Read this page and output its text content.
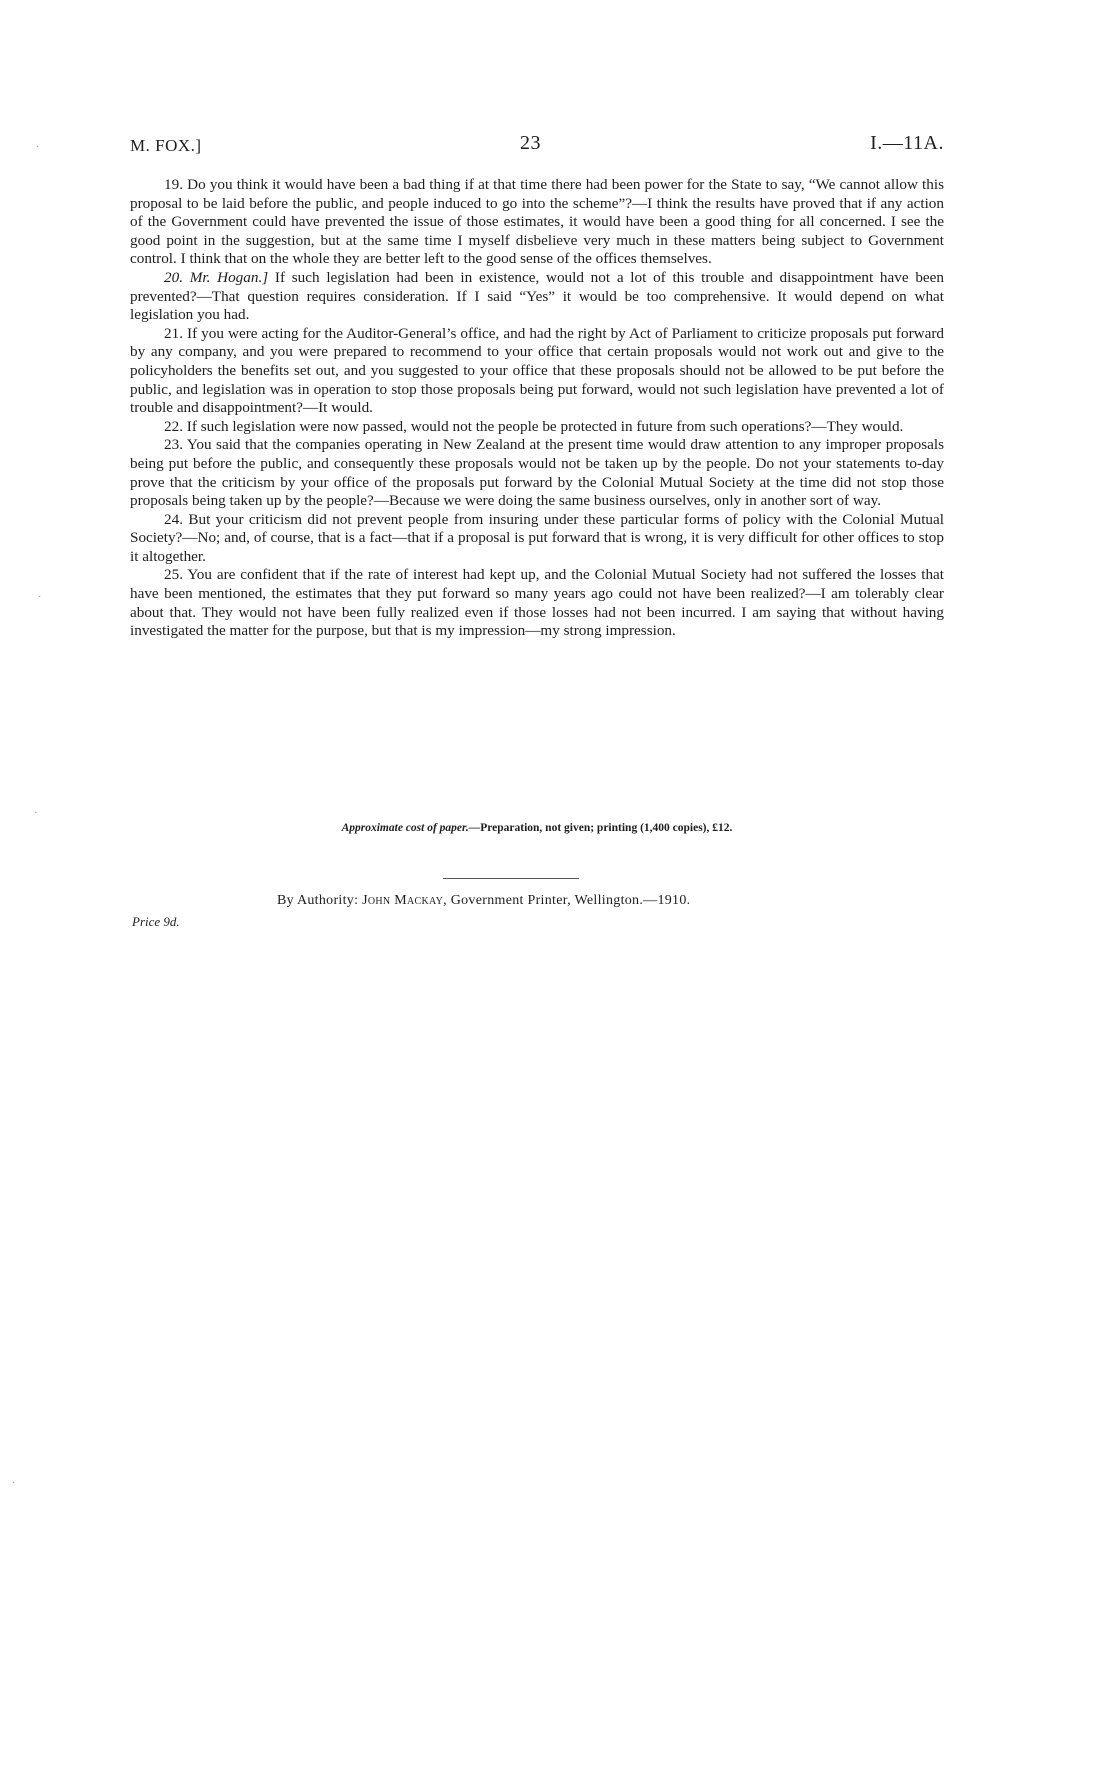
M. FOX.]	23	I.—11A.

19. Do you think it would have been a bad thing if at that time there had been power for the State to say, “We cannot allow this proposal to be laid before the public, and people induced to go into the scheme”?—I think the results have proved that if any action of the Government could have prevented the issue of those estimates, it would have been a good thing for all concerned. I see the good point in the suggestion, but at the same time I myself disbelieve very much in these matters being subject to Government control. I think that on the whole they are better left to the good sense of the offices themselves.

20. Mr. Hogan.] If such legislation had been in existence, would not a lot of this trouble and disappointment have been prevented?—That question requires consideration. If I said “Yes” it would be too comprehensive. It would depend on what legislation you had.

21. If you were acting for the Auditor-General’s office, and had the right by Act of Parliament to criticize proposals put forward by any company, and you were prepared to recommend to your office that certain proposals would not work out and give to the policyholders the benefits set out, and you suggested to your office that these proposals should not be allowed to be put before the public, and legislation was in operation to stop those proposals being put forward, would not such legislation have prevented a lot of trouble and disappointment?—It would.

22. If such legislation were now passed, would not the people be protected in future from such operations?—They would.

23. You said that the companies operating in New Zealand at the present time would draw attention to any improper proposals being put before the public, and consequently these proposals would not be taken up by the people. Do not your statements to-day prove that the criticism by your office of the proposals put forward by the Colonial Mutual Society at the time did not stop those proposals being taken up by the people?—Because we were doing the same business ourselves, only in another sort of way.

24. But your criticism did not prevent people from insuring under these particular forms of policy with the Colonial Mutual Society?—No; and, of course, that is a fact—that if a proposal is put forward that is wrong, it is very difficult for other offices to stop it altogether.

25. You are confident that if the rate of interest had kept up, and the Colonial Mutual Society had not suffered the losses that have been mentioned, the estimates that they put forward so many years ago could not have been realized?—I am tolerably clear about that. They would not have been fully realized even if those losses had not been incurred. I am saying that without having investigated the matter for the purpose, but that is my impression—my strong impression.

Approximate cost of paper.—Preparation, not given; printing (1,400 copies), £12.
By Authority: John Mackay, Government Printer, Wellington.—1910.
Price 9d.
·
·
·
·
